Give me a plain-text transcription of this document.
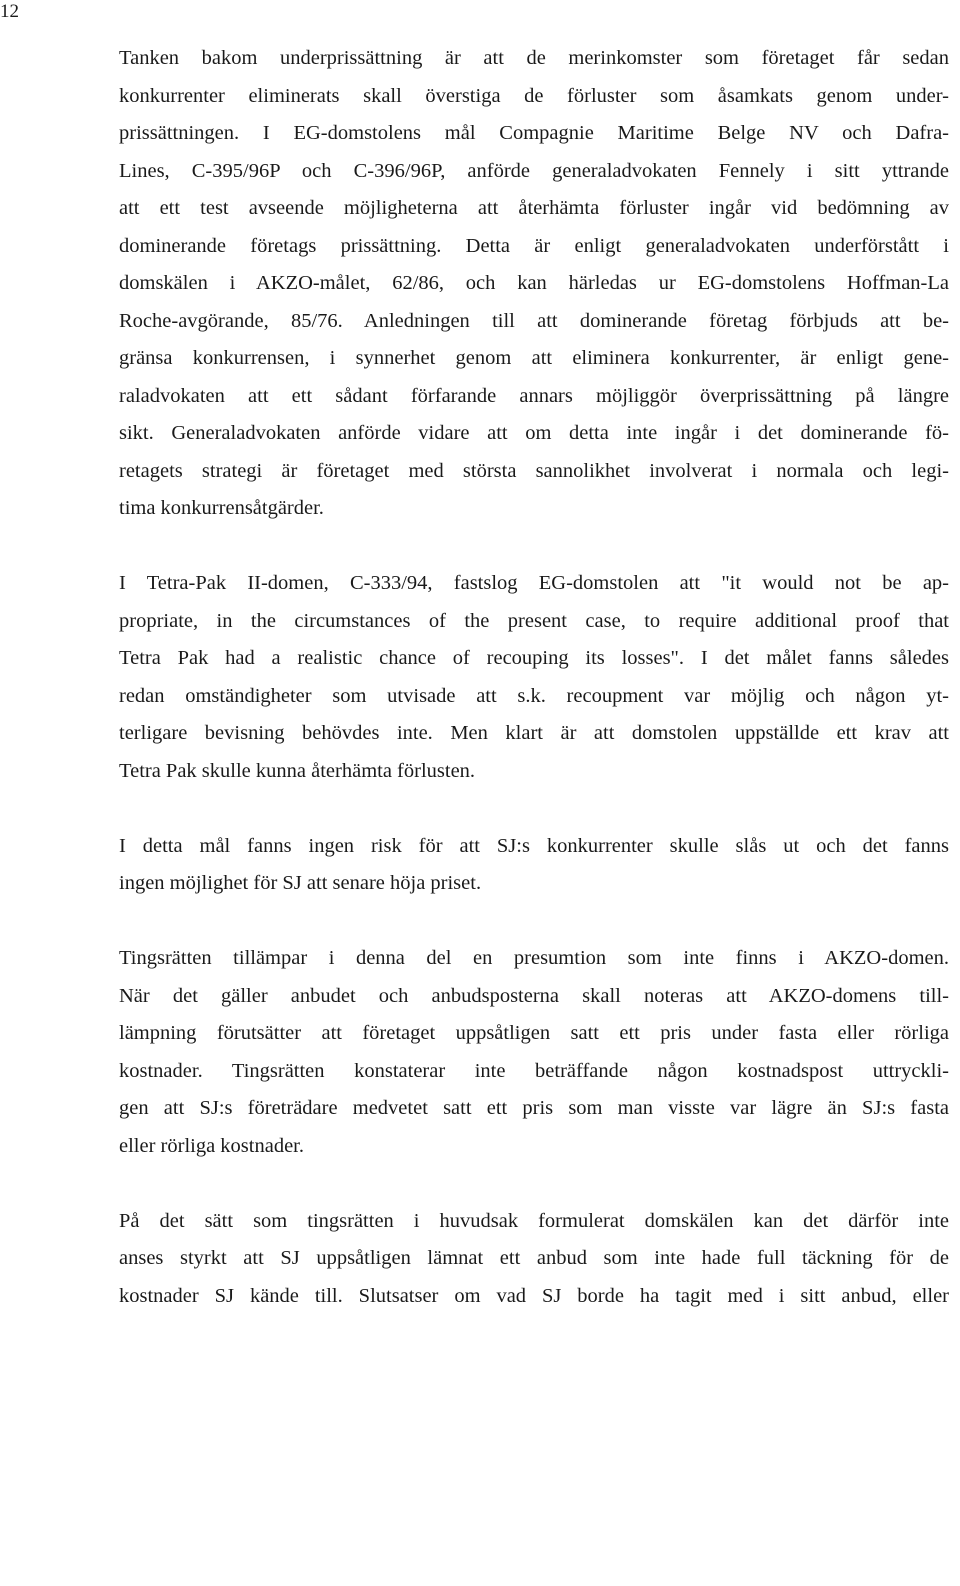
12
Tanken bakom underprissättning är att de merinkomster som företaget får sedan
konkurrenter eliminerats skall överstiga de förluster som åsamkats genom under-
prissättningen. I EG-domstolens mål Compagnie Maritime Belge NV och Dafra-
Lines, C-395/96P och C-396/96P, anförde generaladvokaten Fennely i sitt yttrande
att ett test avseende möjligheterna att återhämta förluster ingår vid bedömning av
dominerande företags prissättning. Detta är enligt generaladvokaten underförstått i
domskälen i AKZO-målet, 62/86, och kan härledas ur EG-domstolens Hoffman-La
Roche-avgörande, 85/76. Anledningen till att dominerande företag förbjuds att be-
gränsa konkurrensen, i synnerhet genom att eliminera konkurrenter, är enligt gene-
raladvokaten att ett sådant förfarande annars möjliggör överprissättning på längre
sikt. Generaladvokaten anförde vidare att om detta inte ingår i det dominerande fö-
retagets strategi är företaget med största sannolikhet involverat i normala och legi-
tima konkurrensåtgärder.
I Tetra-Pak II-domen, C-333/94, fastslog EG-domstolen att "it would not be ap-
propriate, in the circumstances of the present case, to require additional proof that
Tetra Pak had a realistic chance of recouping its losses". I det målet fanns således
redan omständigheter som utvisade att s.k. recoupment var möjlig och någon yt-
terligare bevisning behövdes inte. Men klart är att domstolen uppställde ett krav att
Tetra Pak skulle kunna återhämta förlusten.
I detta mål fanns ingen risk för att SJ:s konkurrenter skulle slås ut och det fanns
ingen möjlighet för SJ att senare höja priset.
Tingsrätten tillämpar i denna del en presumtion som inte finns i AKZO-domen.
När det gäller anbudet och anbudsposterna skall noteras att AKZO-domens till-
lämpning förutsätter att företaget uppsåtligen satt ett pris under fasta eller rörliga
kostnader. Tingsrätten konstaterar inte beträffande någon kostnadspost uttryckli-
gen att SJ:s företrädare medvetet satt ett pris som man visste var lägre än SJ:s fasta
eller rörliga kostnader.
På det sätt som tingsrätten i huvudsak formulerat domskälen kan det därför inte
anses styrkt att SJ uppsåtligen lämnat ett anbud som inte hade full täckning för de
kostnader SJ kände till. Slutsatser om vad SJ borde ha tagit med i sitt anbud, eller
